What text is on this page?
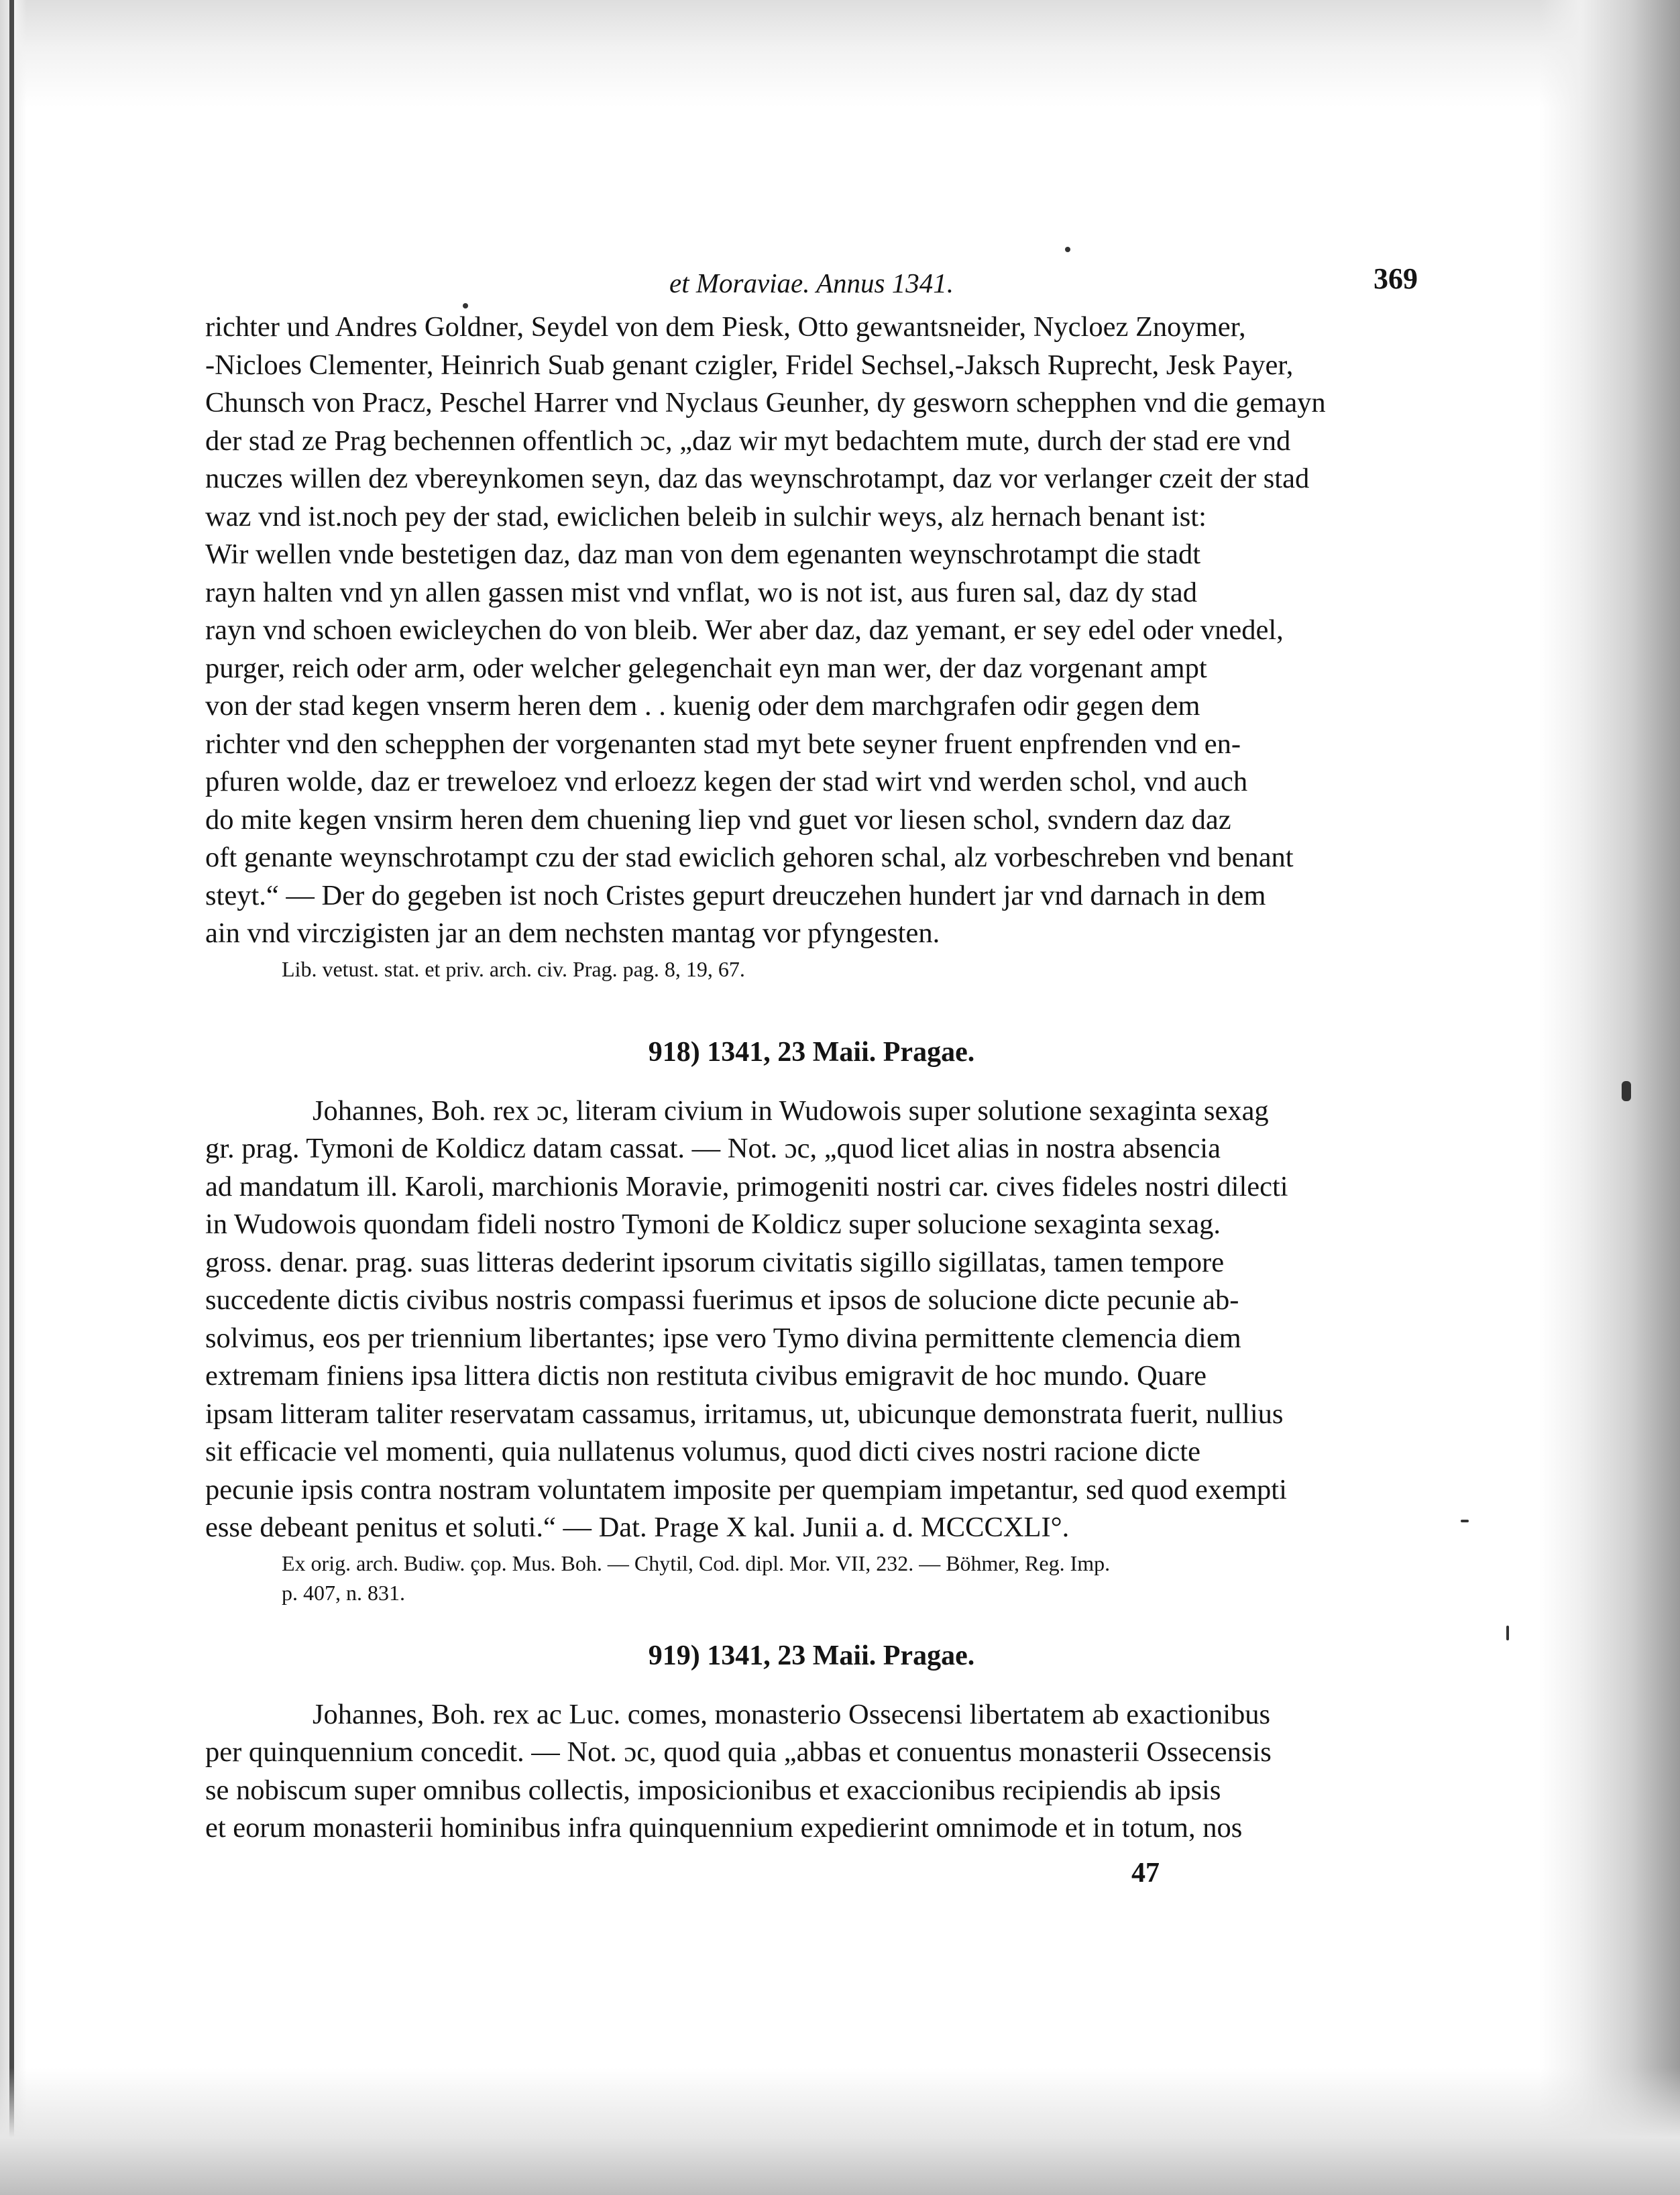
et Moraviae. Annus 1341.	369

richter und Andres Goldner, Seydel von dem Piesk, Otto gewantsneider, Nycloez Znoymer,

-Nicloes Clementer, Heinrich Suab genant czigler, Fridel Sechsel,-Jaksch Ruprecht, Jesk Payer,

Chunsch von Pracz, Peschel Harrer vnd Nyclaus Geunher, dy gesworn schepphen vnd die gemayn

der stad ze Prag bechennen offentlich ɔc, „daz wir myt bedachtem mute, durch der stad ere vnd

nuczes willen dez vbereynkomen seyn, daz das weynschrotampt, daz vor verlanger czeit der stad

waz vnd ist.noch pey der stad, ewiclichen beleib in sulchir weys, alz hernach benant ist:

Wir wellen vnde bestetigen daz, daz man von dem egenanten weynschrotampt die stadt

rayn halten vnd yn allen gassen mist vnd vnflat, wo is not ist, aus furen sal, daz dy stad

rayn vnd schoen ewicleychen do von bleib. Wer aber daz, daz yemant, er sey edel oder vnedel,

purger, reich oder arm, oder welcher gelegenchait eyn man wer, der daz vorgenant ampt

von der stad kegen vnserm heren dem . . kuenig oder dem marchgrafen odir gegen dem

richter vnd den schepphen der vorgenanten stad myt bete seyner fruent enpfrenden vnd en-

pfuren wolde, daz er treweloez vnd erloezz kegen der stad wirt vnd werden schol, vnd auch

do mite kegen vnsirm heren dem chuening liep vnd guet vor liesen schol, svndern daz daz

oft genante weynschrotampt czu der stad ewiclich gehoren schal, alz vorbeschreben vnd benant

steyt.“ — Der do gegeben ist noch Cristes gepurt dreuczehen hundert jar vnd darnach in dem

ain vnd virczigisten jar an dem nechsten mantag vor pfyngesten.

Lib. vetust. stat. et priv. arch. civ. Prag. pag. 8, 19, 67.

918) 1341, 23 Maii. Pragae.

Johannes, Boh. rex ɔc, literam civium in Wudowois super solutione sexaginta sexag

gr. prag. Tymoni de Koldicz datam cassat. — Not. ɔc, „quod licet alias in nostra absencia

ad mandatum ill. Karoli, marchionis Moravie, primogeniti nostri car. cives fideles nostri dilecti

in Wudowois quondam fideli nostro Tymoni de Koldicz super solucione sexaginta sexag.

gross. denar. prag. suas litteras dederint ipsorum civitatis sigillo sigillatas, tamen tempore

succedente dictis civibus nostris compassi fuerimus et ipsos de solucione dicte pecunie ab-

solvimus, eos per triennium libertantes; ipse vero Tymo divina permittente clemencia diem

extremam finiens ipsa littera dictis non restituta civibus emigravit de hoc mundo. Quare

ipsam litteram taliter reservatam cassamus, irritamus, ut, ubicunque demonstrata fuerit, nullius

sit efficacie vel momenti, quia nullatenus volumus, quod dicti cives nostri racione dicte

pecunie ipsis contra nostram voluntatem imposite per quempiam impetantur, sed quod exempti

esse debeant penitus et soluti.“ — Dat. Prage X kal. Junii a. d. MCCCXLI°.

Ex orig. arch. Budiw. çop. Mus. Boh. — Chytil, Cod. dipl. Mor. VII, 232. — Böhmer, Reg. Imp.

p. 407, n. 831.

919) 1341, 23 Maii. Pragae.

Johannes, Boh. rex ac Luc. comes, monasterio Ossecensi libertatem ab exactionibus

per quinquennium concedit. — Not. ɔc, quod quia „abbas et conuentus monasterii Ossecensis

se nobiscum super omnibus collectis, imposicionibus et exaccionibus recipiendis ab ipsis

et eorum monasterii hominibus infra quinquennium expedierint omnimode et in totum, nos

47
